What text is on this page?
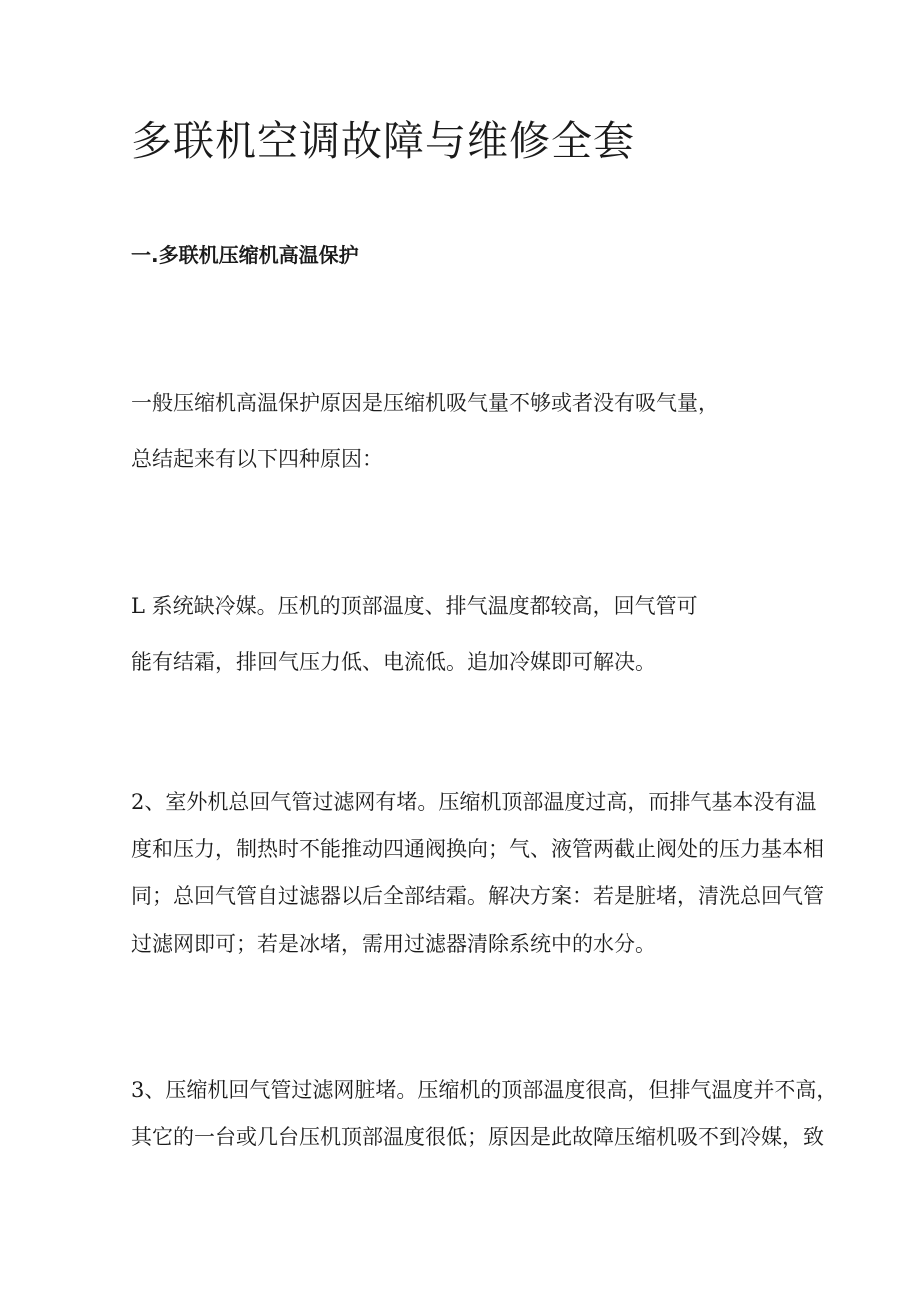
多联机空调故障与维修全套
一.多联机压缩机高温保护

一般压缩机高温保护原因是压缩机吸气量不够或者没有吸气量，

总结起来有以下四种原因：

L 系统缺冷媒。压机的顶部温度、排气温度都较高，回气管可

能有结霜，排回气压力低、电流低。追加冷媒即可解决。

2、室外机总回气管过滤网有堵。压缩机顶部温度过高，而排气基本没有温

度和压力，制热时不能推动四通阀换向；气、液管两截止阀处的压力基本相

同；总回气管自过滤器以后全部结霜。解决方案：若是脏堵，清洗总回气管

过滤网即可；若是冰堵，需用过滤器清除系统中的水分。

3、压缩机回气管过滤网脏堵。压缩机的顶部温度很高，但排气温度并不高，

其它的一台或几台压机顶部温度很低；原因是此故障压缩机吸不到冷媒，致
